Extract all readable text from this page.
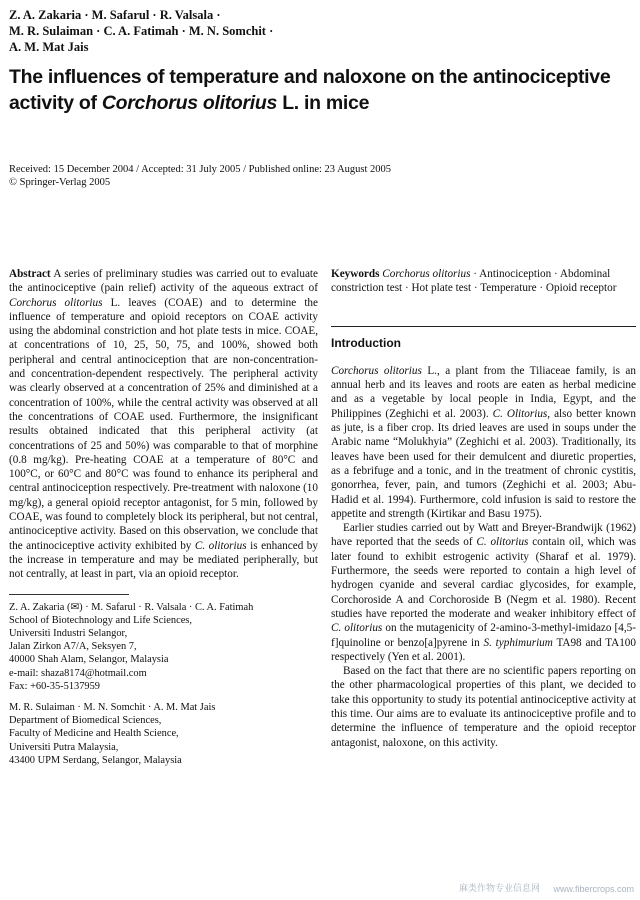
Z. A. Zakaria · M. Safarul · R. Valsala ·
M. R. Sulaiman · C. A. Fatimah · M. N. Somchit ·
A. M. Mat Jais
The influences of temperature and naloxone on the antinociceptive activity of Corchorus olitorius L. in mice
Received: 15 December 2004 / Accepted: 31 July 2005 / Published online: 23 August 2005
© Springer-Verlag 2005
Abstract A series of preliminary studies was carried out to evaluate the antinociceptive (pain relief) activity of the aqueous extract of Corchorus olitorius L. leaves (COAE) and to determine the influence of temperature and opioid receptors on COAE activity using the abdominal constriction and hot plate tests in mice. COAE, at concentrations of 10, 25, 50, 75, and 100%, showed both peripheral and central antinociception that are non-concentration- and concentration-dependent respectively. The peripheral activity was clearly observed at a concentration of 25% and diminished at a concentration of 100%, while the central activity was observed at all the concentrations of COAE used. Furthermore, the insignificant results obtained indicated that this peripheral activity (at concentrations of 25 and 50%) was comparable to that of morphine (0.8 mg/kg). Pre-heating COAE at a temperature of 80°C and 100°C, or 60°C and 80°C was found to enhance its peripheral and central antinociception respectively. Pre-treatment with naloxone (10 mg/kg), a general opioid receptor antagonist, for 5 min, followed by COAE, was found to completely block its peripheral, but not central, antinociceptive activity. Based on this observation, we conclude that the antinociceptive activity exhibited by C. olitorius is enhanced by the increase in temperature and may be mediated peripherally, but not centrally, at least in part, via an opioid receptor.
Z. A. Zakaria (✉) · M. Safarul · R. Valsala · C. A. Fatimah
School of Biotechnology and Life Sciences,
Universiti Industri Selangor,
Jalan Zirkon A7/A, Seksyen 7,
40000 Shah Alam, Selangor, Malaysia
e-mail: shaza8174@hotmail.com
Fax: +60-35-5137959
M. R. Sulaiman · M. N. Somchit · A. M. Mat Jais
Department of Biomedical Sciences,
Faculty of Medicine and Health Science,
Universiti Putra Malaysia,
43400 UPM Serdang, Selangor, Malaysia
Keywords Corchorus olitorius · Antinociception · Abdominal constriction test · Hot plate test · Temperature · Opioid receptor
Introduction

Corchorus olitorius L., a plant from the Tiliaceae family, is an annual herb and its leaves and roots are eaten as herbal medicine and as a vegetable by local people in India, Egypt, and the Philippines (Zeghichi et al. 2003). C. Olitorius, also better known as jute, is a fiber crop. Its dried leaves are used in soups under the Arabic name “Molukhyia” (Zeghichi et al. 2003). Traditionally, its leaves have been used for their demulcent and diuretic properties, as a febrifuge and a tonic, and in the treatment of chronic cystitis, gonorrhea, fever, pain, and tumors (Zeghichi et al. 2003; Abu-Hadid et al. 1994). Furthermore, cold infusion is said to restore the appetite and strength (Kirtikar and Basu 1975).

Earlier studies carried out by Watt and Breyer-Brandwijk (1962) have reported that the seeds of C. olitorius contain oil, which was later found to exhibit estrogenic activity (Sharaf et al. 1979). Furthermore, the seeds were reported to contain a high level of hydrogen cyanide and several cardiac glycosides, for example, Corchoroside A and Corchoroside B (Negm et al. 1980). Recent studies have reported the moderate and weaker inhibitory effect of C. olitorius on the mutagenicity of 2-amino-3-methyl-imidazo [4,5-f]quinoline or benzo[a]pyrene in S. typhimurium TA98 and TA100 respectively (Yen et al. 2001).

Based on the fact that there are no scientific papers reporting on the other pharmacological properties of this plant, we decided to take this opportunity to study its potential antinociceptive activity at this time. Our aims are to evaluate its antinociceptive profile and to determine the influence of temperature and the opioid receptor antagonist, naloxone, on this activity.

麻类作物专业信息网 www.fibercrops.com
